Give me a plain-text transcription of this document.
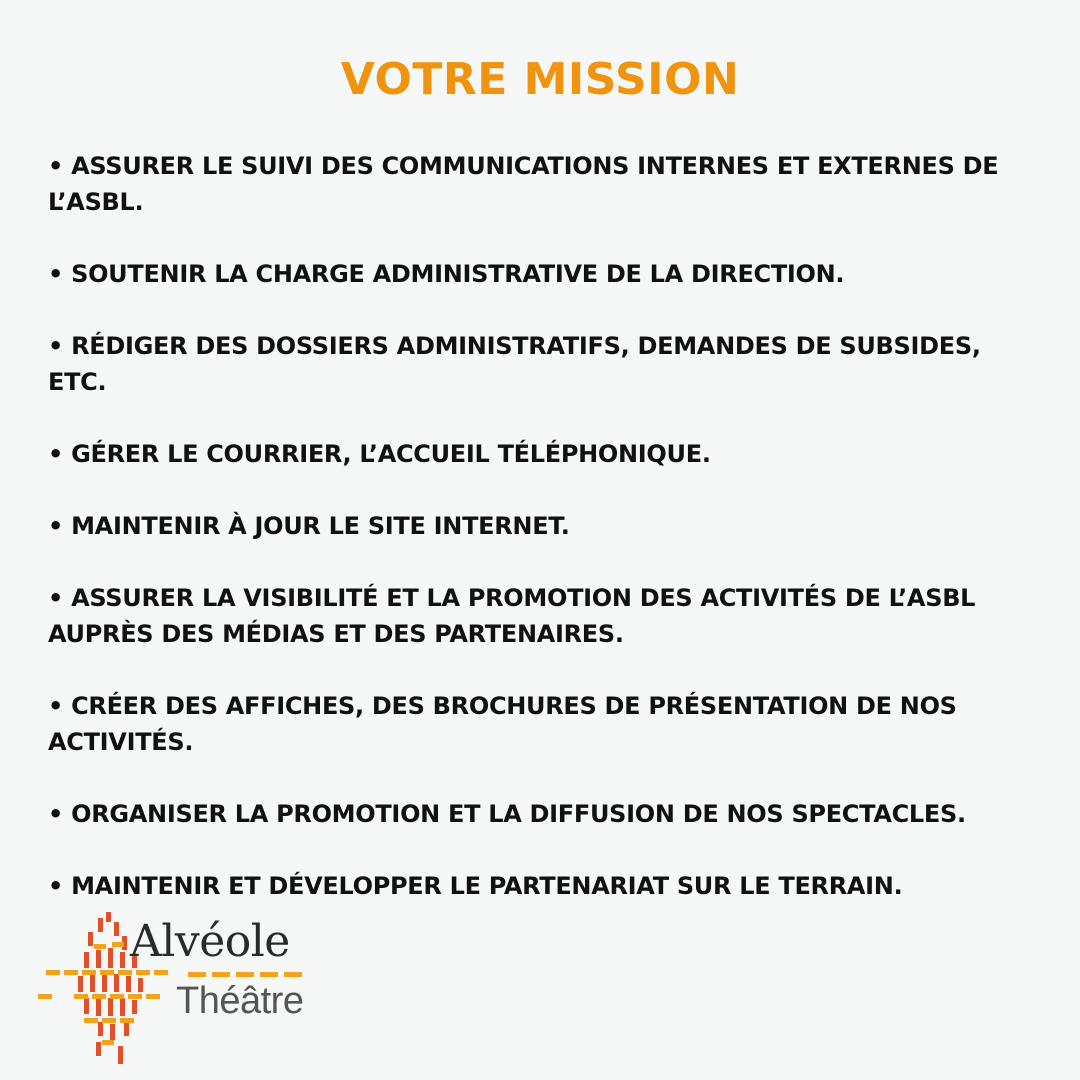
VOTRE MISSION
• ASSURER LE SUIVI DES COMMUNICATIONS INTERNES ET EXTERNES DE L’ASBL.
• SOUTENIR LA CHARGE ADMINISTRATIVE DE LA DIRECTION.
• RÉDIGER DES DOSSIERS ADMINISTRATIFS, DEMANDES DE SUBSIDES, ETC.
• GÉRER LE COURRIER, L’ACCUEIL TÉLÉPHONIQUE.
• MAINTENIR À JOUR LE SITE INTERNET.
• ASSURER LA VISIBILITÉ ET LA PROMOTION DES ACTIVITÉS DE L’ASBL AUPRÈS DES MÉDIAS ET DES PARTENAIRES.
• CRÉER DES AFFICHES, DES BROCHURES DE PRÉSENTATION DE NOS ACTIVITÉS.
• ORGANISER LA PROMOTION ET LA DIFFUSION DE NOS SPECTACLES.
• MAINTENIR ET DÉVELOPPER LE PARTENARIAT SUR LE TERRAIN.
Alvéole
Théâtre
